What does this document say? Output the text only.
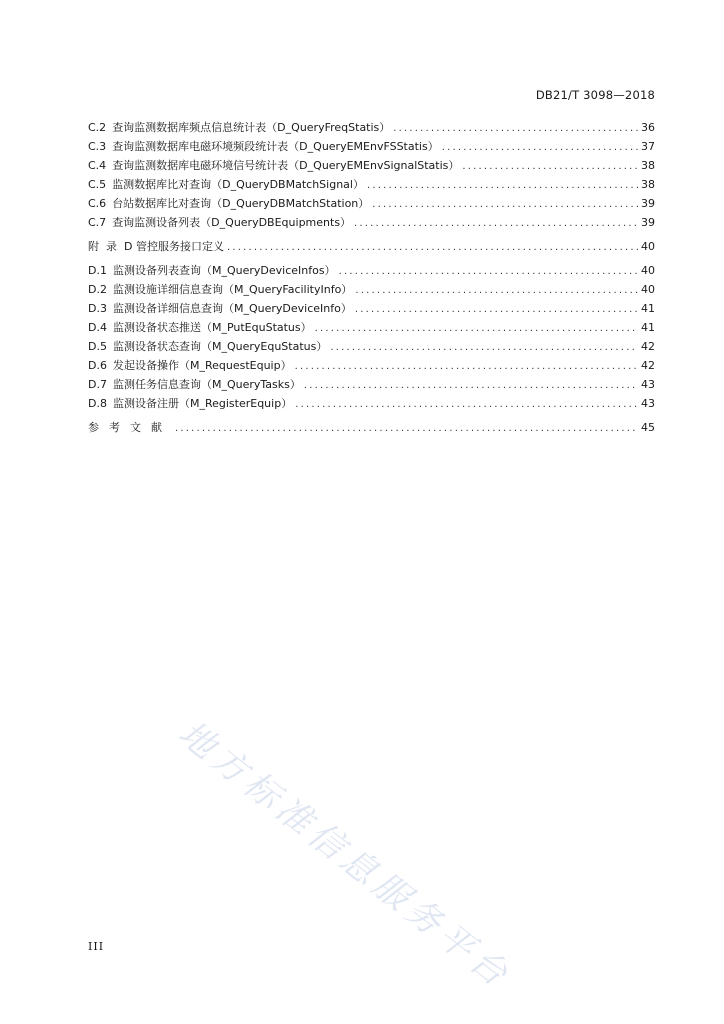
DB21/T 3098—2018
C.2 查询监测数据库频点信息统计表（D_QueryFreqStatis） .....	36
C.3 查询监测数据库电磁环境频段统计表（D_QueryEMEnvFSStatis） .....	37
C.4 查询监测数据库电磁环境信号统计表（D_QueryEMEnvSignalStatis） .....	38
C.5 监测数据库比对查询（D_QueryDBMatchSignal） .....	38
C.6 台站数据库比对查询（D_QueryDBMatchStation） .....	39
C.7 查询监测设备列表（D_QueryDBEquipments） .....	39
附  录  D 管控服务接口定义 .....	40
D.1 监测设备列表查询（M_QueryDeviceInfos） .....	40
D.2 监测设施详细信息查询（M_QueryFacilityInfo） .....	40
D.3 监测设备详细信息查询（M_QueryDeviceInfo） .....	41
D.4 监测设备状态推送（M_PutEquStatus） .....	41
D.5 监测设备状态查询（M_QueryEquStatus） .....	42
D.6 发起设备操作（M_RequestEquip） .....	42
D.7 监测任务信息查询（M_QueryTasks） .....	43
D.8 监测设备注册（M_RegisterEquip） .....	43
参考文献 .....	45
地方标准信息服务平台
III
